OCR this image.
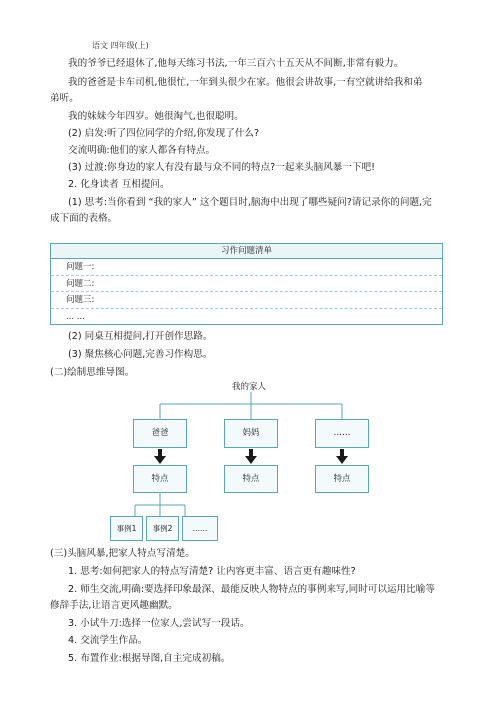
语文 四年级(上)
我的爷爷已经退休了,他每天练习书法,一年三百六十五天从不间断,非常有毅力。
我的爸爸是卡车司机,他很忙,一年到头很少在家。他很会讲故事,一有空就讲给我和弟
弟听。
我的妹妹今年四岁。她很淘气,也很聪明。
(2) 启发:听了四位同学的介绍,你发现了什么?
交流明确:他们的家人都各有特点。
(3) 过渡:你身边的家人有没有最与众不同的特点?一起来头脑风暴一下吧!
2. 化身读者 互相提问。
(1) 思考:当你看到 “我的家人” 这个题目时,脑海中出现了哪些疑问?请记录你的问题,完
成下面的表格。
习作问题清单
问题一:
问题二:
问题三:
... ...
(2) 同桌互相提问,打开创作思路。
(3) 聚焦核心问题,完善习作构思。
(二)绘制思维导图。
我的家人
爸爸	妈妈	……
特点	特点	特点
事例1	事例2	……
(三)头脑风暴,把家人特点写清楚。
1. 思考:如何把家人的特点写清楚? 让内容更丰富、语言更有趣味性?
2. 师生交流,明确:要选择印象最深、最能反映人物特点的事例来写,同时可以运用比喻等
修辞手法,让语言更风趣幽默。
3. 小试牛刀:选择一位家人,尝试写一段话。
4. 交流学生作品。
5. 布置作业:根据导图,自主完成初稿。
